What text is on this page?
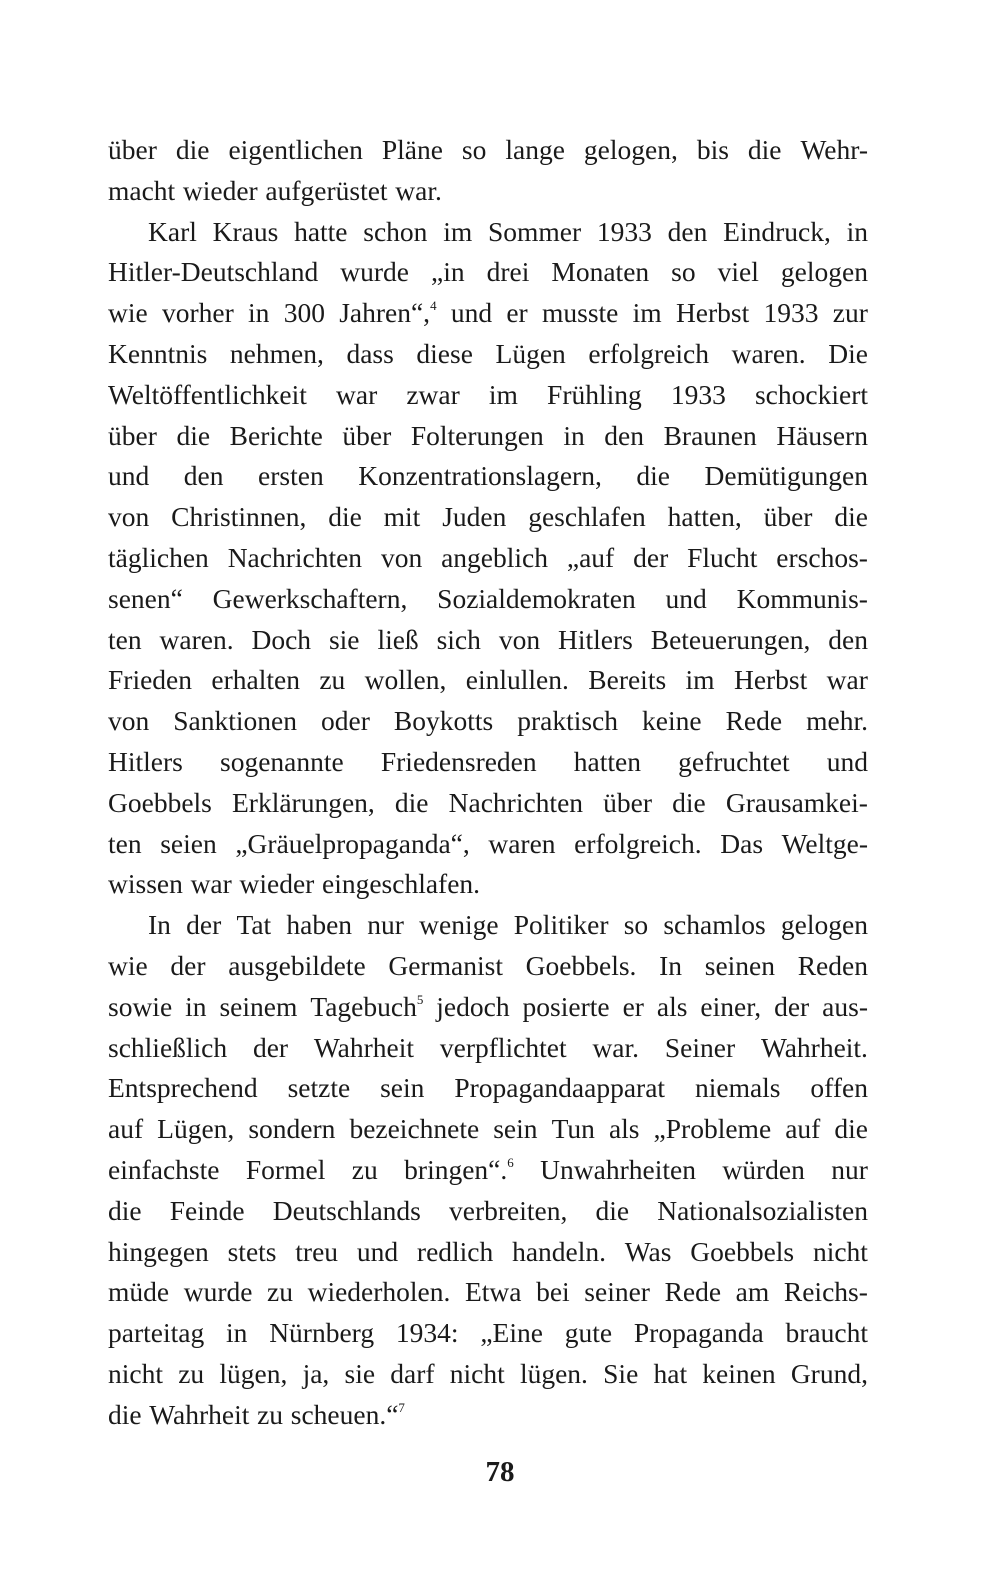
über die eigentlichen Pläne so lange gelogen, bis die Wehr-
macht wieder aufgerüstet war.
Karl Kraus hatte schon im Sommer 1933 den Eindruck, in
Hitler-Deutschland wurde „in drei Monaten so viel gelogen
wie vorher in 300 Jahren“,$^4$ und er musste im Herbst 1933 zur
Kenntnis nehmen, dass diese Lügen erfolgreich waren. Die
Weltöffentlichkeit war zwar im Frühling 1933 schockiert
über die Berichte über Folterungen in den Braunen Häusern
und den ersten Konzentrationslagern, die Demütigungen
von Christinnen, die mit Juden geschlafen hatten, über die
täglichen Nachrichten von angeblich „auf der Flucht erschos-
senen“ Gewerkschaftern, Sozialdemokraten und Kommunis-
ten waren. Doch sie ließ sich von Hitlers Beteuerungen, den
Frieden erhalten zu wollen, einlullen. Bereits im Herbst war
von Sanktionen oder Boykotts praktisch keine Rede mehr.
Hitlers sogenannte Friedensreden hatten gefruchtet und
Goebbels Erklärungen, die Nachrichten über die Grausamkei-
ten seien „Gräuelpropaganda“, waren erfolgreich. Das Weltge-
wissen war wieder eingeschlafen.
In der Tat haben nur wenige Politiker so schamlos gelogen
wie der ausgebildete Germanist Goebbels. In seinen Reden
sowie in seinem Tagebuch$^5$ jedoch posierte er als einer, der aus-
schließlich der Wahrheit verpflichtet war. Seiner Wahrheit.
Entsprechend setzte sein Propagandaapparat niemals offen
auf Lügen, sondern bezeichnete sein Tun als „Probleme auf die
einfachste Formel zu bringen“.$^6$ Unwahrheiten würden nur
die Feinde Deutschlands verbreiten, die Nationalsozialisten
hingegen stets treu und redlich handeln. Was Goebbels nicht
müde wurde zu wiederholen. Etwa bei seiner Rede am Reichs-
parteitag in Nürnberg 1934: „Eine gute Propaganda braucht
nicht zu lügen, ja, sie darf nicht lügen. Sie hat keinen Grund,
die Wahrheit zu scheuen.“$^7$
78
